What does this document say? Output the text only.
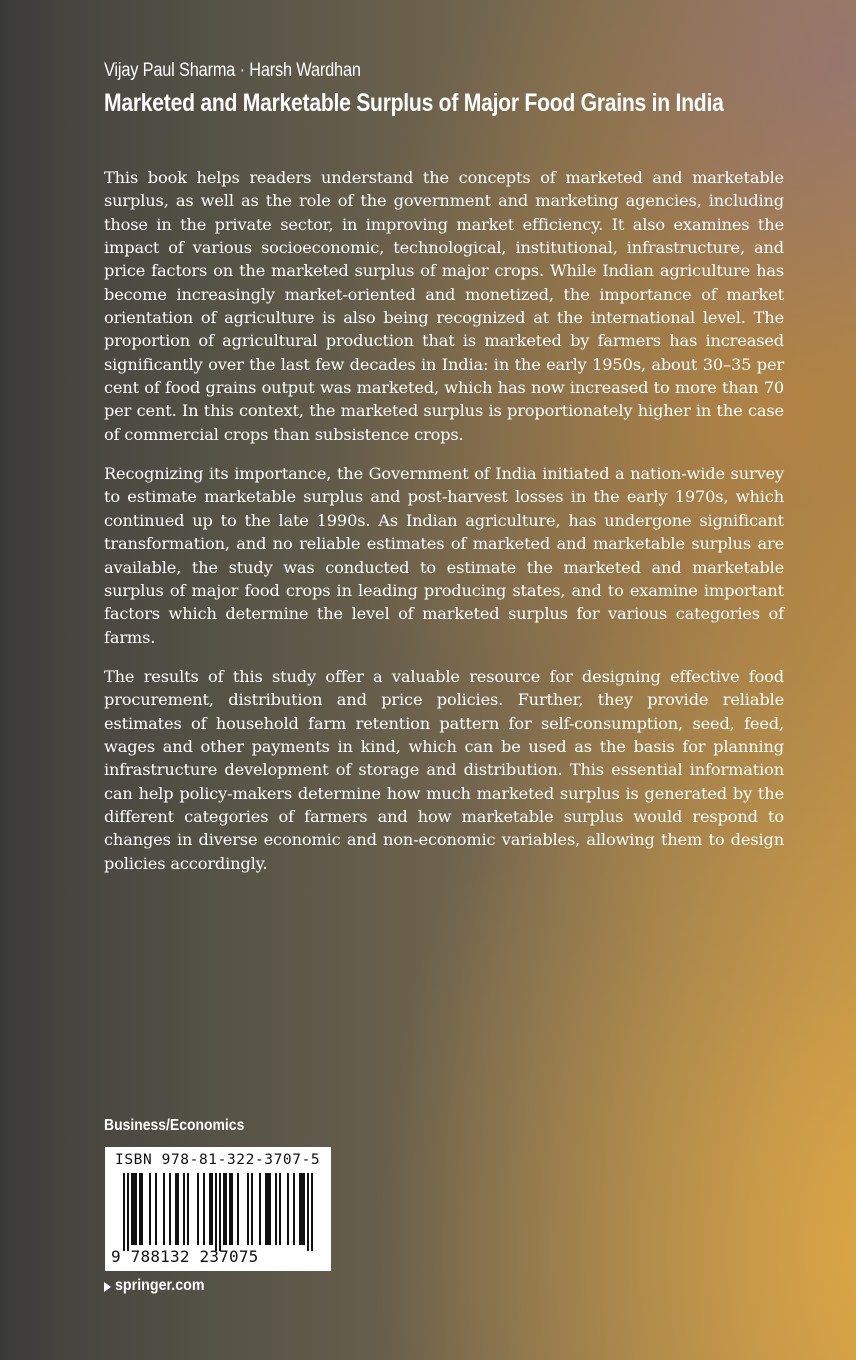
Vijay Paul Sharma · Harsh Wardhan
Marketed and Marketable Surplus of Major Food Grains in India

This book helps readers understand the concepts of marketed and marketable surplus, as well as the role of the government and marketing agencies, including those in the private sector, in improving market efficiency. It also examines the impact of various socioeconomic, technological, institutional, infrastructure, and price factors on the marketed surplus of major crops. While Indian agriculture has become increasingly market-oriented and monetized, the importance of market orientation of agriculture is also being recognized at the international level. The proportion of agricultural production that is marketed by farmers has increased significantly over the last few decades in India: in the early 1950s, about 30–35 per cent of food grains output was marketed, which has now increased to more than 70 per cent. In this context, the marketed surplus is proportionately higher in the case of commercial crops than subsistence crops.

Recognizing its importance, the Government of India initiated a nation-wide survey to estimate marketable surplus and post-harvest losses in the early 1970s, which continued up to the late 1990s. As Indian agriculture, has undergone significant transformation, and no reliable estimates of marketed and marketable surplus are available, the study was conducted to estimate the marketed and marketable surplus of major food crops in leading producing states, and to examine important factors which determine the level of marketed surplus for various categories of farms.

The results of this study offer a valuable resource for designing effective food procurement, distribution and price policies. Further, they provide reliable estimates of household farm retention pattern for self-consumption, seed, feed, wages and other payments in kind, which can be used as the basis for planning infrastructure development of storage and distribution. This essential information can help policy-makers determine how much marketed surplus is generated by the different categories of farmers and how marketable surplus would respond to changes in diverse economic and non-economic variables, allowing them to design policies accordingly.

Business/Economics
ISBN 978-81-322-3707-5
9 788132 237075
springer.com
